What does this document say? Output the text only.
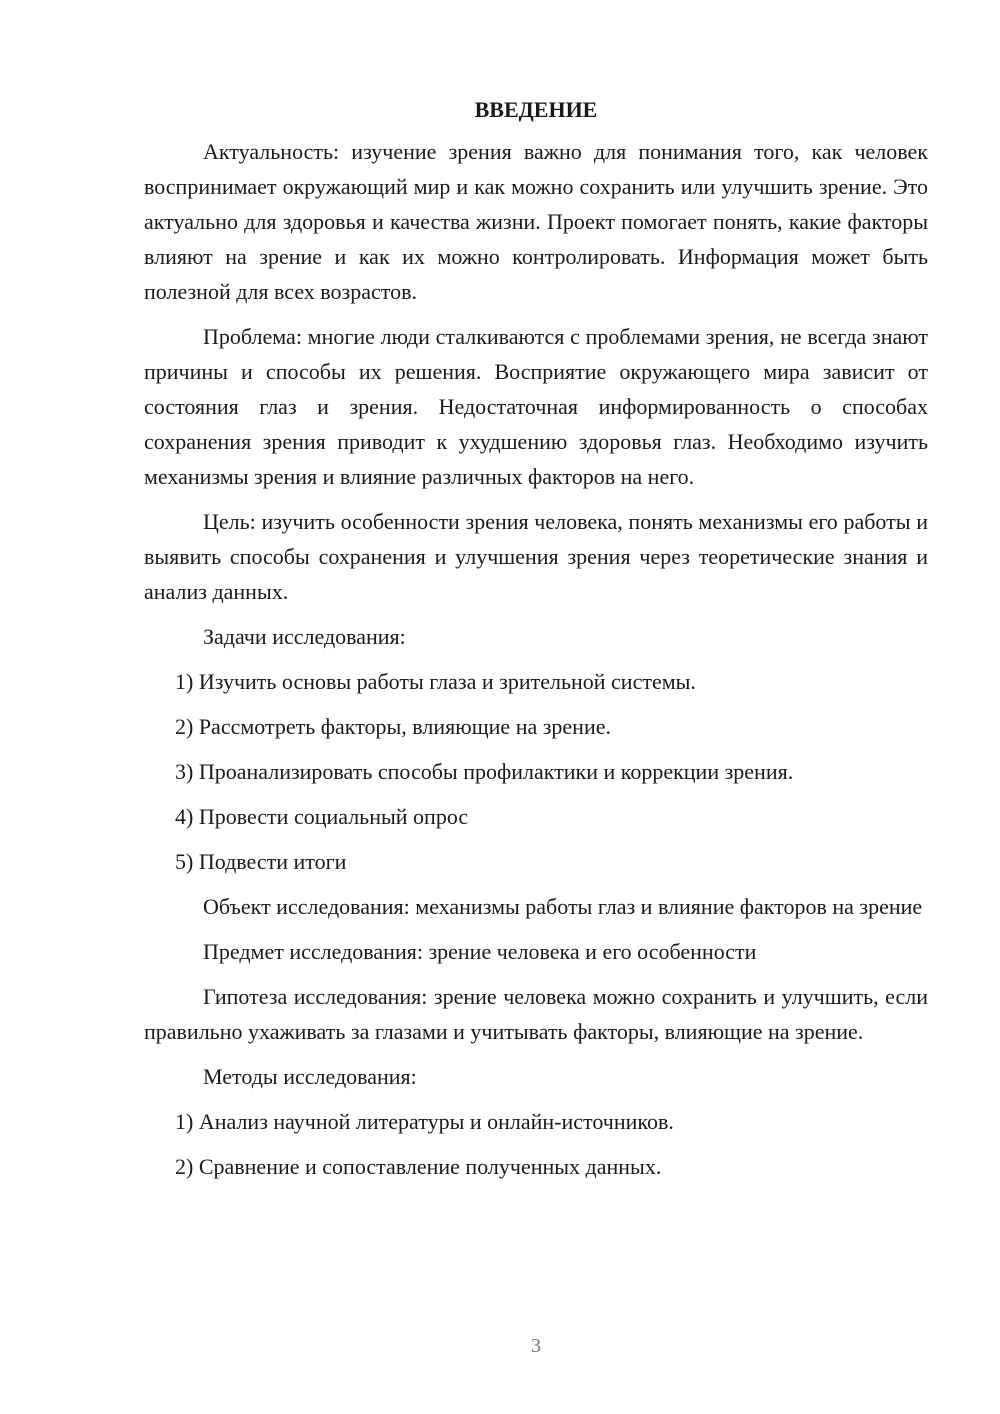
ВВЕДЕНИЕ

Актуальность: изучение зрения важно для понимания того, как человек воспринимает окружающий мир и как можно сохранить или улучшить зрение. Это актуально для здоровья и качества жизни. Проект помогает понять, какие факторы влияют на зрение и как их можно контролировать. Информация может быть полезной для всех возрастов.

Проблема: многие люди сталкиваются с проблемами зрения, не всегда знают причины и способы их решения. Восприятие окружающего мира зависит от состояния глаз и зрения. Недостаточная информированность о способах сохранения зрения приводит к ухудшению здоровья глаз. Необходимо изучить механизмы зрения и влияние различных факторов на него.

Цель: изучить особенности зрения человека, понять механизмы его работы и выявить способы сохранения и улучшения зрения через теоретические знания и анализ данных.

Задачи исследования:

1) Изучить основы работы глаза и зрительной системы.
2) Рассмотреть факторы, влияющие на зрение.
3) Проанализировать способы профилактики и коррекции зрения.
4) Провести социальный опрос
5) Подвести итоги

Объект исследования: механизмы работы глаз и влияние факторов на зрение

Предмет исследования: зрение человека и его особенности

Гипотеза исследования: зрение человека можно сохранить и улучшить, если правильно ухаживать за глазами и учитывать факторы, влияющие на зрение.

Методы исследования:

1) Анализ научной литературы и онлайн-источников.
2) Сравнение и сопоставление полученных данных.
3
